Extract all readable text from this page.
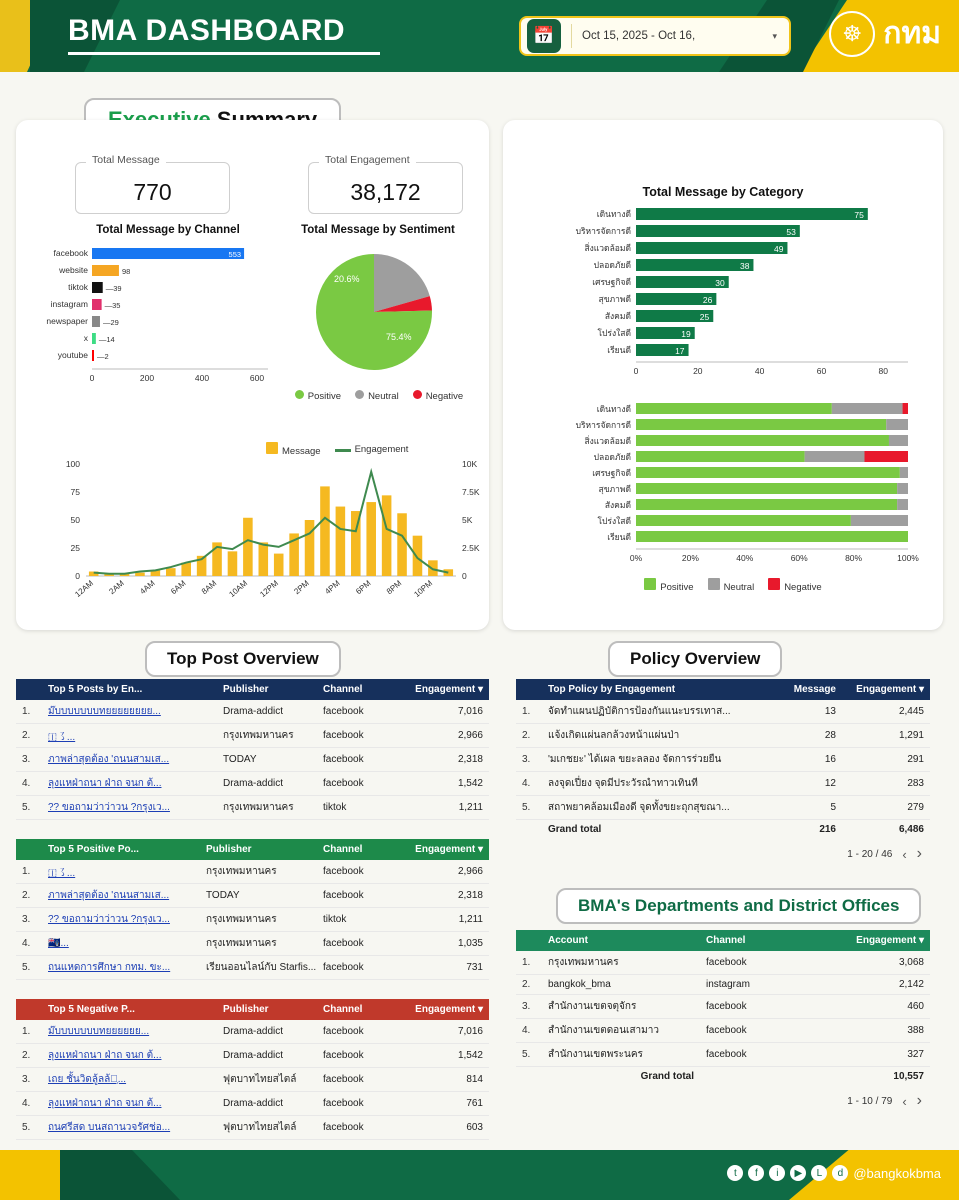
BMA DASHBOARD	📅	Oct 15, 2025 - Oct 16,	▾	☸ กทม
Total Message
770
Total Engagement
38,172
Total Message by Channel	Total Message by Sentiment
facebook	553
website	98
tiktok —39
instagram —35
newspaper —29
x —14
youtube —2
0	200	400	600
20.6%
75.4%
Positive	Neutral	Negative
Message	Engagement
0
25
50
75
100
0
2.5K
5K
7.5K
10K
12AM 2AM 4AM 6AM 8AM 10AM 12PM 2PM 4PM 6PM 8PM 10PM
Total Message by Category
เดินทางดี	75
บริหารจัดการดี	53
สิ่งแวดล้อมดี	49
ปลอดภัยดี	38
เศรษฐกิจดี	30
สุขภาพดี	26
สังคมดี	25
โปร่งใสดี	19
เรียนดี	17
0	20	40	60	80
เดินทางดี
บริหารจัดการดี
สิ่งแวดล้อมดี
ปลอดภัยดี
เศรษฐกิจดี
สุขภาพดี
สังคมดี
โปร่งใสดี
เรียนดี
0%	20%	40%	60%	80%	100%
Positive	Neutral	Negative
Top Post Overview
	Top 5 Posts by En...	Publisher	Channel	Engagement ▾
1.	ม๊บบบบบบบทยยยยยยยย...	Drama-addict	facebook	7,016
2.	🇮㇌...	กรุงเทพมหานคร	facebook	2,966
3.	ภาพล่าสุดต้อง 'ถนนสามเส...	TODAY	facebook	2,318
4.	ลุงแหฝ่าถนา ฝ่าถ จนก ต้...	Drama-addict	facebook	1,542
5.	?? ขอถามว่าว่าวน ?กรุงเว...	กรุงเทพมหานคร	tiktok	1,211
	Top 5 Positive Po...	Publisher	Channel	Engagement ▾
1.	🇮㇌...	กรุงเทพมหานคร	facebook	2,966
2.	ภาพล่าสุดต้อง 'ถนนสามเส...	TODAY	facebook	2,318
3.	?? ขอถามว่าว่าวน ?กรุงเว...	กรุงเทพมหานคร	tiktok	1,211
4.	🇹🇦...	กรุงเทพมหานคร	facebook	1,035
5.	ถนแหดการศึกษา กทม. ขะ...	เรียนออนไลน์กับ Starfis...	facebook	731
	Top 5 Negative P...	Publisher	Channel	Engagement ▾
1.	ม๊บบบบบบบทยยยยยย...	Drama-addict	facebook	7,016
2.	ลุงแหฝ่าถนา ฝ่าถ จนก ต้...	Drama-addict	facebook	1,542
3.	เถย ชั้นวิดลู้ลล้า̹...	ฟุตบาทไทยสไตล์	facebook	814
4.	ลุงแหฝ่าถนา ฝ่าถ จนก ต้...	Drama-addict	facebook	761
5.	ถนศรีสด บนสถานวจรัศช่อ...	ฟุตบาทไทยสไตล์	facebook	603
Policy Overview
	Top Policy by Engagement	Message	Engagement ▾
1.	จัดทำแผนปฏิบัติการป้องกันแนะบรรเทาส...	13	2,445
2.	แจ้งเกิดแผ่นลกล้วงหน้าแผ่นป่า	28	1,291
3.	'มเกชยะ' ได้เผล ขยะลลอง จัดการร่วยยืน	16	291
4.	ลงจุดเปี่ยง จุดมีประวัรณำทาวเทินที	12	283
5.	สถาพยาคล้อมเมืองดี จุดทั้งขยะถุกสุขณา...	5	279
	Grand total	216	6,486
1 - 20 / 46 ‹ ›
BMA's Departments and District Offices
	Account	Channel	Engagement ▾
1.	กรุงเทพมหานคร	facebook	3,068
2.	bangkok_bma	instagram	2,142
3.	สำนักงานเขตจตุจักร	facebook	460
4.	สำนักงานเขตดอนเสามาว	facebook	388
5.	สำนักงานเขตพระนคร	facebook	327
	Grand total		10,557
1 - 10 / 79 ‹ ›
t	f	i	▶	L	d @bangkokbma
